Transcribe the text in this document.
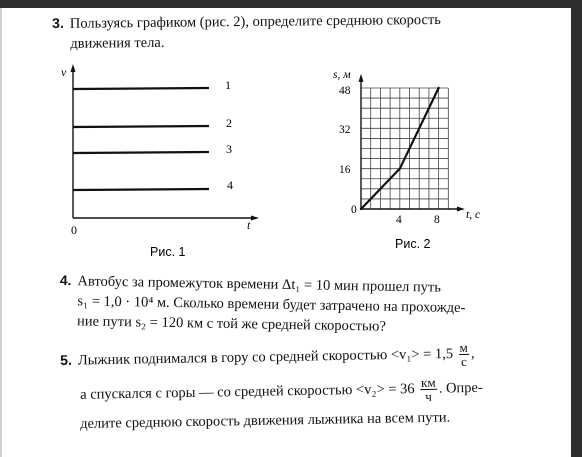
3. Пользуясь графиком (рис. 2), определите среднюю скорость
движения тела.
v
t
0
1
2
3
4
Рис. 1
s, м
t, с
0
48
32
16
4	8
Рис. 2
4. Автобус за промежуток времени Δt₁ = 10 мин прошел путь
s₁ = 1,0 · 10⁴ м. Сколько времени будет затрачено на прохожде-
ние пути s₂ = 120 км с той же средней скоростью?
5. Лыжник поднимался в гору со средней скоростью $<v_1> = 1,5 \frac{м}{с}$ ,
а спускался с горы — со средней скоростью $<v_2> = 36 \frac{км}{ч}$ . Опре-
делите среднюю скорость движения лыжника на всем пути.
